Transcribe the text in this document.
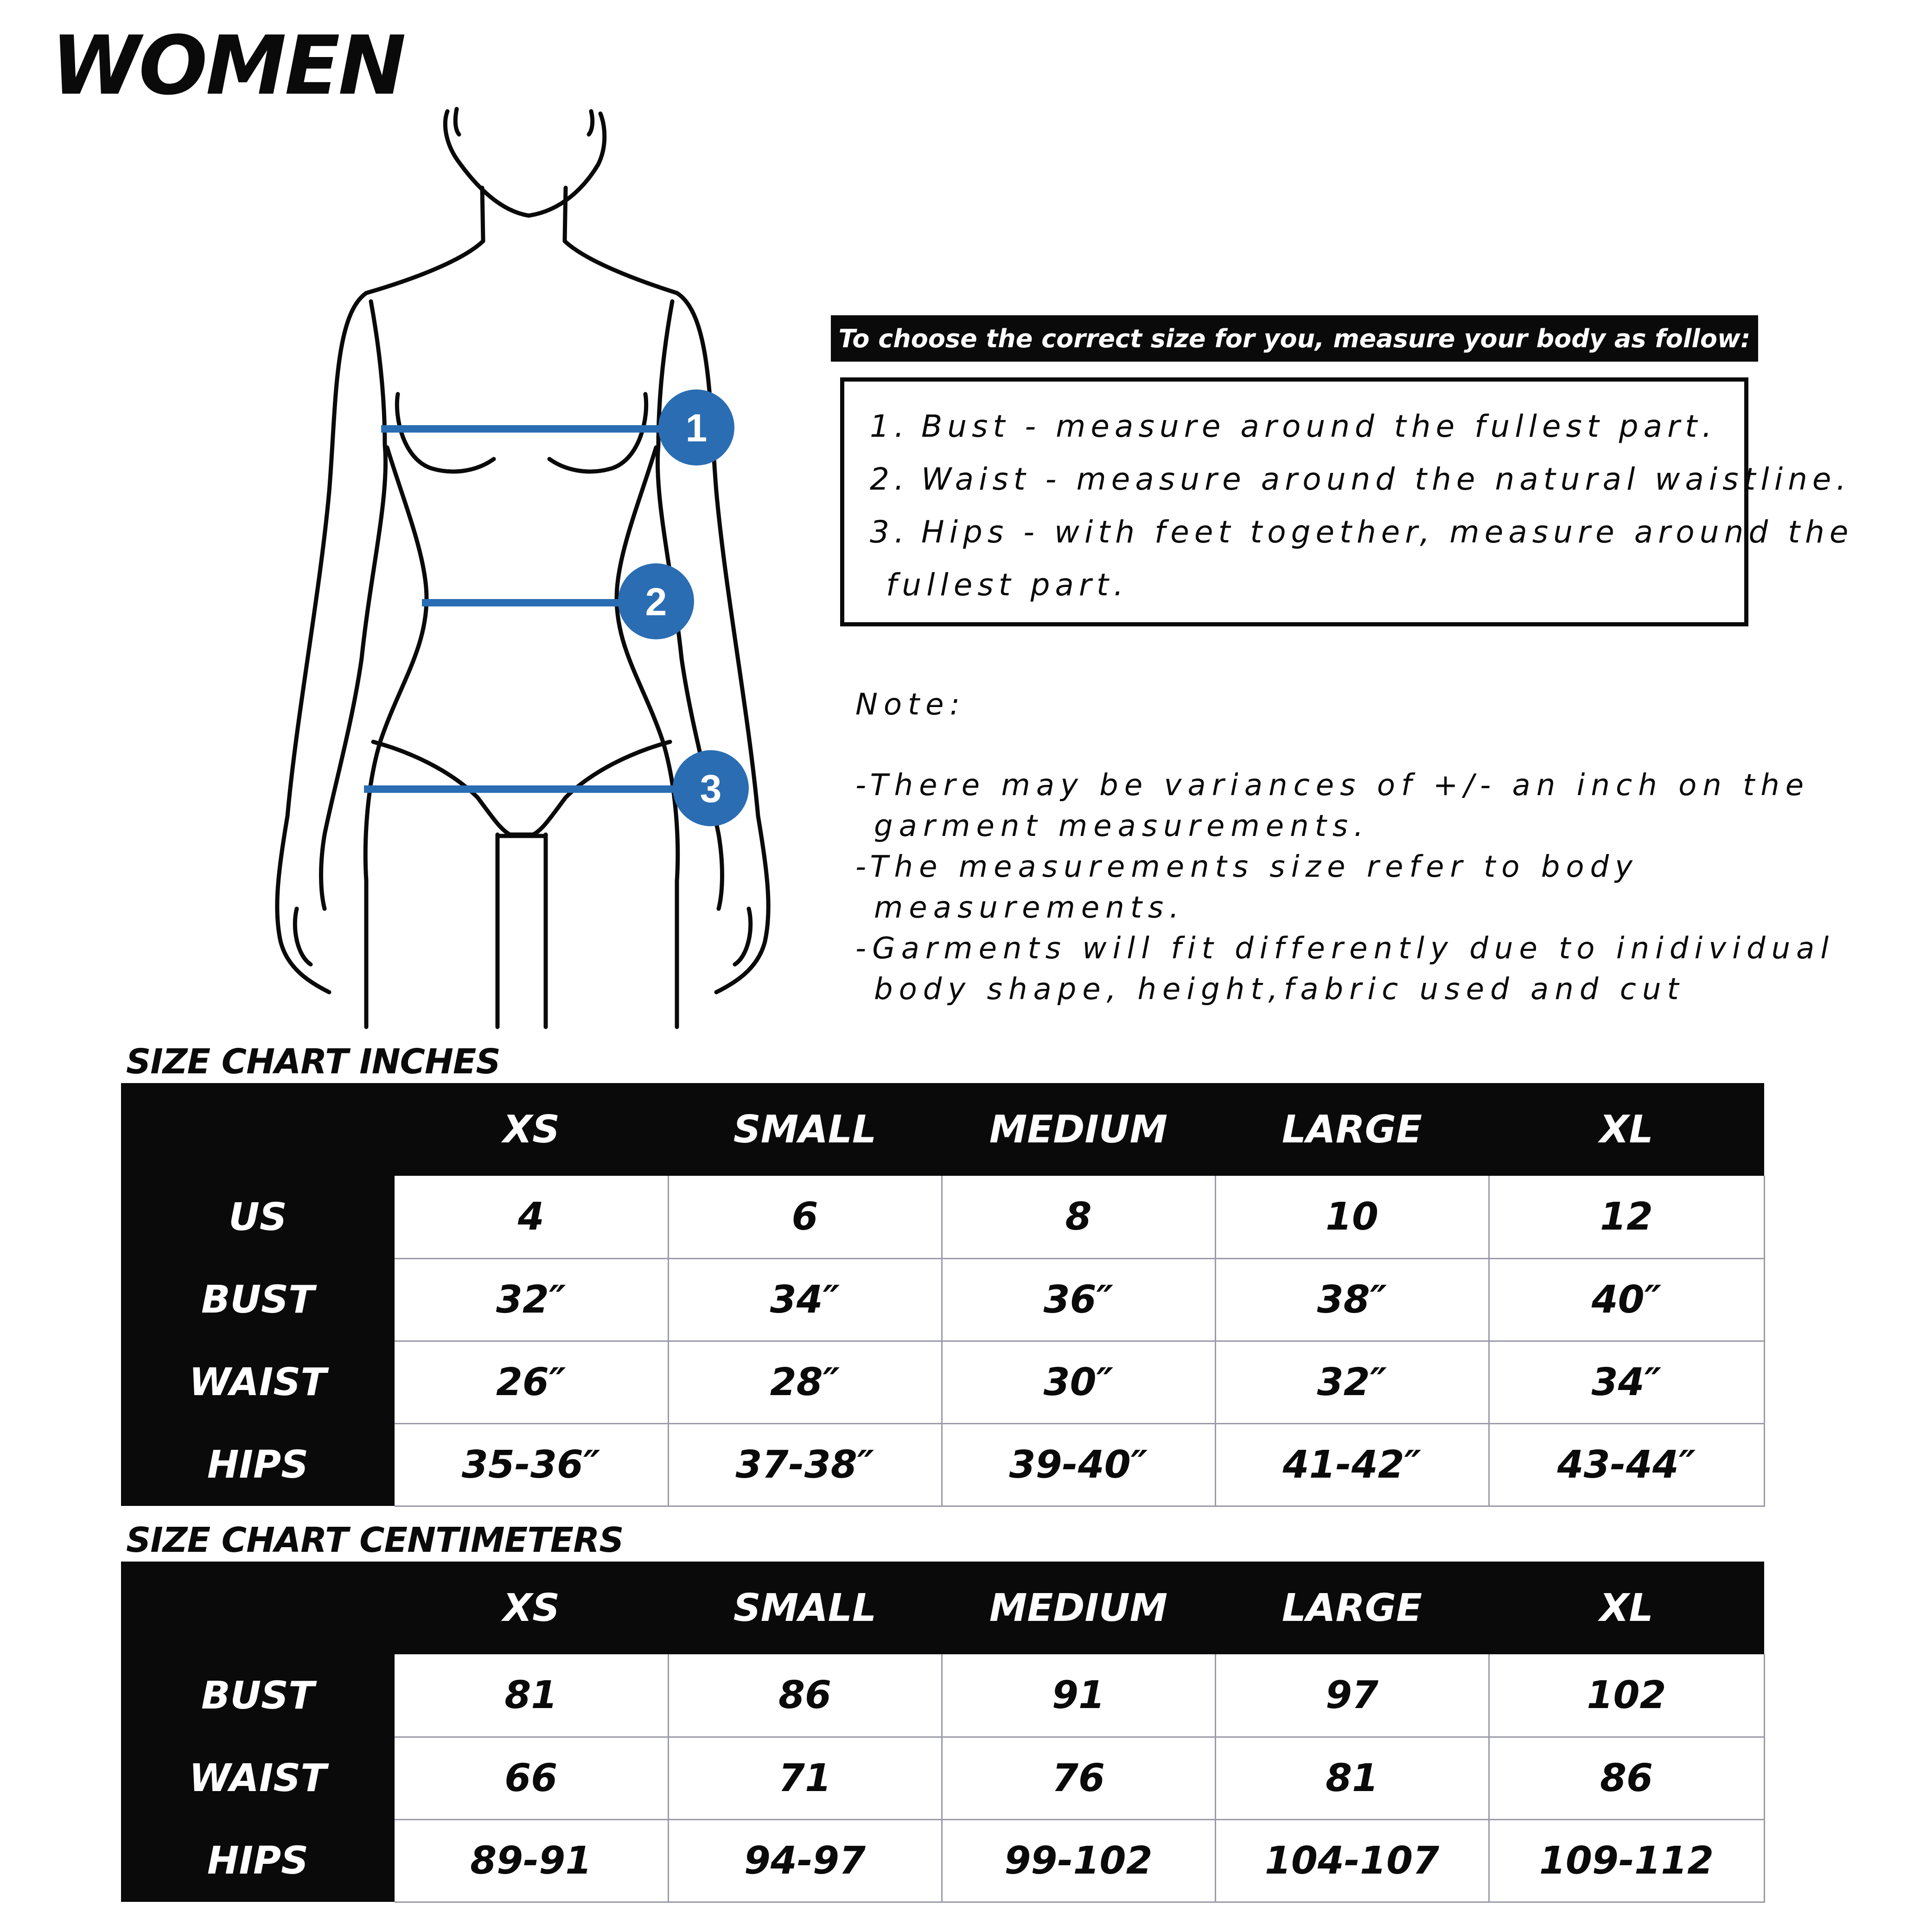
WOMEN
1
2
3
To choose the correct size for you, measure your body as follow:
1. Bust - measure around the fullest part.
2. Waist - measure around the natural waistline.
3. Hips - with feet together, measure around the
fullest part.
Note:
-There may be variances of +/- an inch on the
garment measurements.
-The measurements size refer to body
measurements.
-Garments will fit differently due to inidividual
body shape, height,fabric used and cut
SIZE CHART INCHES
	XS	SMALL	MEDIUM	LARGE	XL
US	4	6	8	10	12
BUST	32″	34″	36″	38″	40″
WAIST	26″	28″	30″	32″	34″
HIPS	35-36″	37-38″	39-40″	41-42″	43-44″
SIZE CHART CENTIMETERS
	XS	SMALL	MEDIUM	LARGE	XL
BUST	81	86	91	97	102
WAIST	66	71	76	81	86
HIPS	89-91	94-97	99-102	104-107	109-112
